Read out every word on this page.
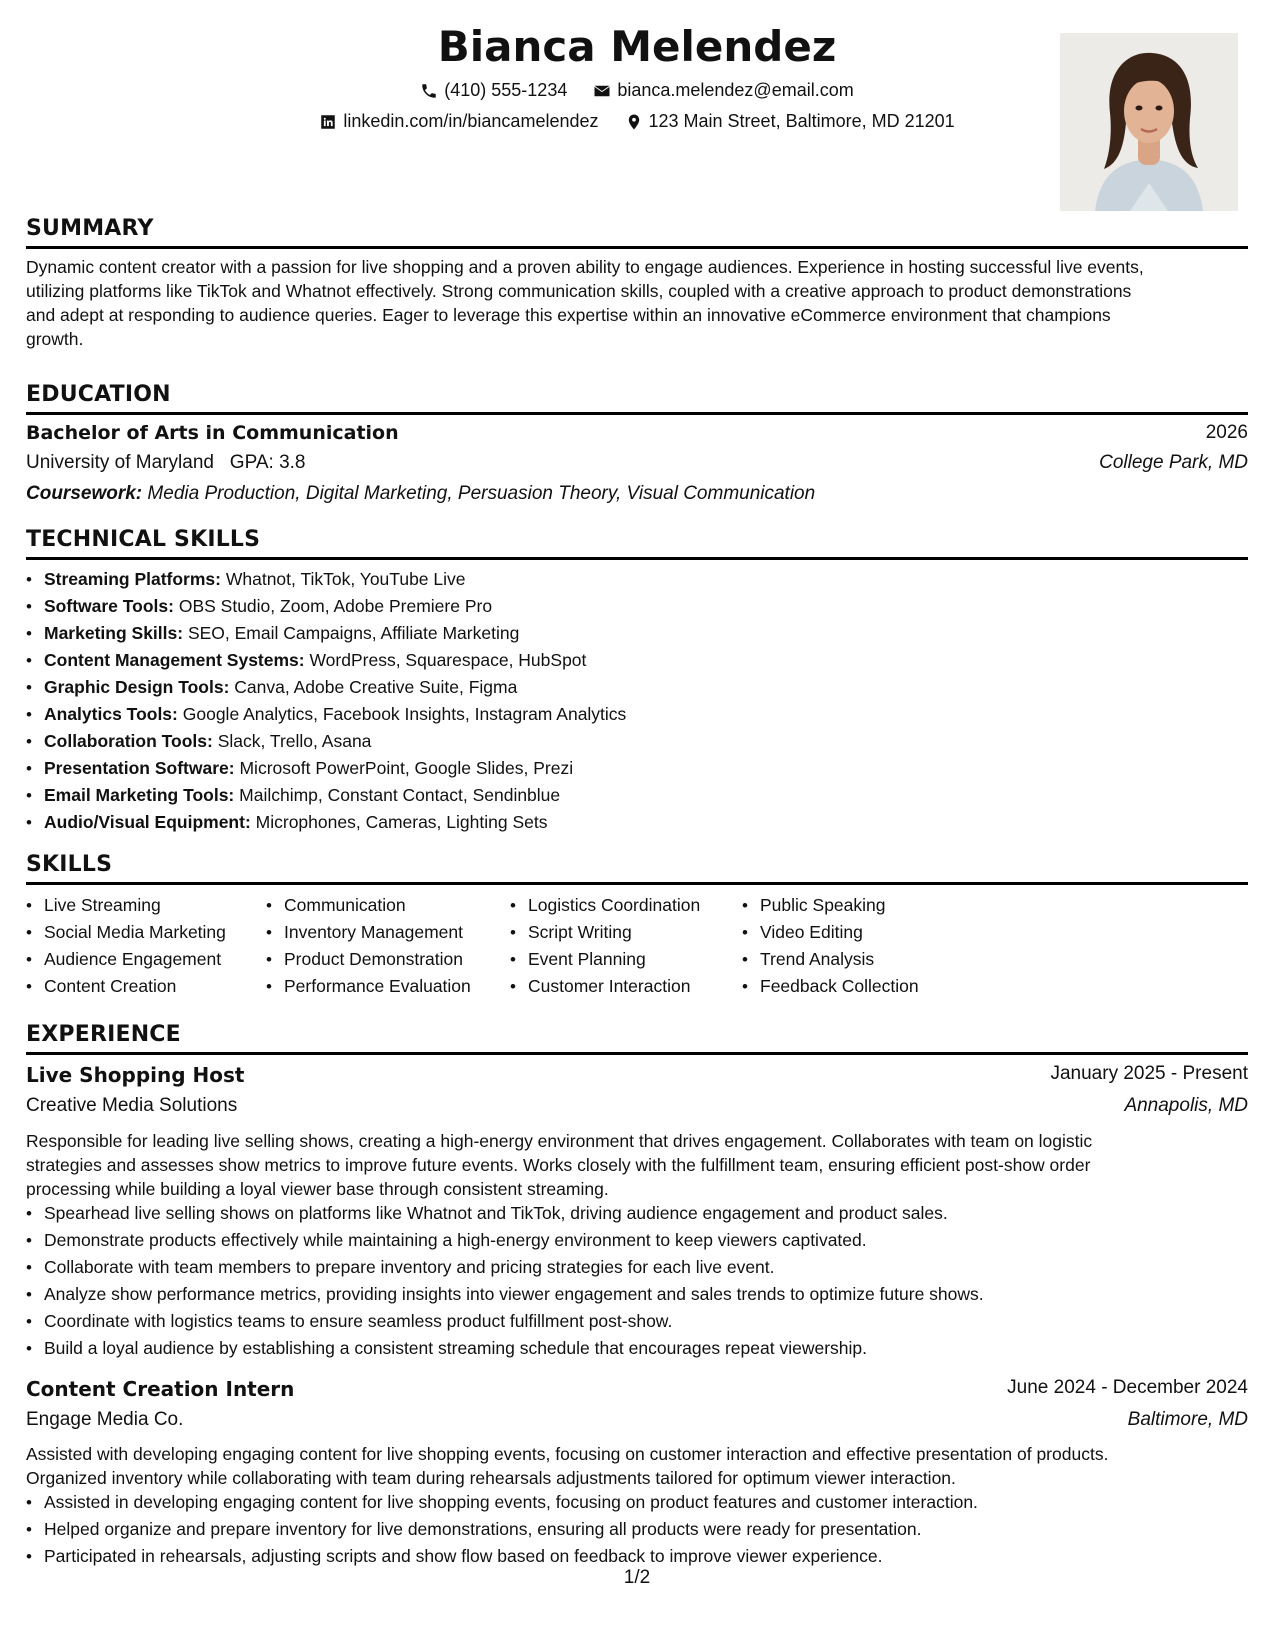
Bianca Melendez
(410) 555-1234	bianca.melendez@email.com
linkedin.com/in/biancamelendez	123 Main Street, Baltimore, MD 21201
SUMMARY
Dynamic content creator with a passion for live shopping and a proven ability to engage audiences. Experience in hosting successful live events,
utilizing platforms like TikTok and Whatnot effectively. Strong communication skills, coupled with a creative approach to product demonstrations
and adept at responding to audience queries. Eager to leverage this expertise within an innovative eCommerce environment that champions
growth.
EDUCATION
Bachelor of Arts in Communication	2026
University of Maryland GPA: 3.8	College Park, MD
Coursework: Media Production, Digital Marketing, Persuasion Theory, Visual Communication
TECHNICAL SKILLS
• Streaming Platforms: Whatnot, TikTok, YouTube Live
• Software Tools: OBS Studio, Zoom, Adobe Premiere Pro
• Marketing Skills: SEO, Email Campaigns, Affiliate Marketing
• Content Management Systems: WordPress, Squarespace, HubSpot
• Graphic Design Tools: Canva, Adobe Creative Suite, Figma
• Analytics Tools: Google Analytics, Facebook Insights, Instagram Analytics
• Collaboration Tools: Slack, Trello, Asana
• Presentation Software: Microsoft PowerPoint, Google Slides, Prezi
• Email Marketing Tools: Mailchimp, Constant Contact, Sendinblue
• Audio/Visual Equipment: Microphones, Cameras, Lighting Sets
SKILLS
• Live Streaming
• Social Media Marketing
• Audience Engagement
• Content Creation
• Communication
• Inventory Management
• Product Demonstration
• Performance Evaluation
• Logistics Coordination
• Script Writing
• Event Planning
• Customer Interaction
• Public Speaking
• Video Editing
• Trend Analysis
• Feedback Collection
EXPERIENCE
Live Shopping Host	January 2025 - Present
Creative Media Solutions	Annapolis, MD
Responsible for leading live selling shows, creating a high-energy environment that drives engagement. Collaborates with team on logistic
strategies and assesses show metrics to improve future events. Works closely with the fulfillment team, ensuring efficient post-show order
processing while building a loyal viewer base through consistent streaming.
• Spearhead live selling shows on platforms like Whatnot and TikTok, driving audience engagement and product sales.
• Demonstrate products effectively while maintaining a high-energy environment to keep viewers captivated.
• Collaborate with team members to prepare inventory and pricing strategies for each live event.
• Analyze show performance metrics, providing insights into viewer engagement and sales trends to optimize future shows.
• Coordinate with logistics teams to ensure seamless product fulfillment post-show.
• Build a loyal audience by establishing a consistent streaming schedule that encourages repeat viewership.
Content Creation Intern	June 2024 - December 2024
Engage Media Co.	Baltimore, MD
Assisted with developing engaging content for live shopping events, focusing on customer interaction and effective presentation of products.
Organized inventory while collaborating with team during rehearsals adjustments tailored for optimum viewer interaction.
• Assisted in developing engaging content for live shopping events, focusing on product features and customer interaction.
• Helped organize and prepare inventory for live demonstrations, ensuring all products were ready for presentation.
• Participated in rehearsals, adjusting scripts and show flow based on feedback to improve viewer experience.
1/2
